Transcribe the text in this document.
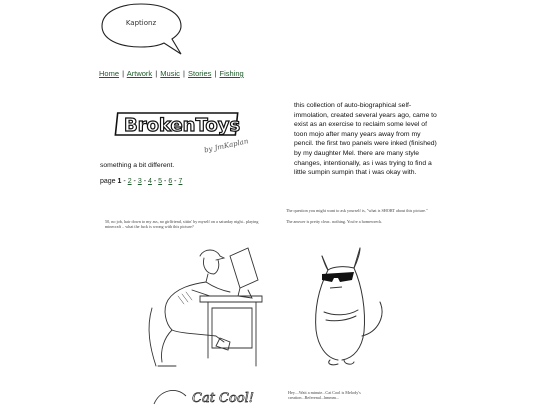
Kaptionz
Home | Artwork | Music | Stories | Fishing
BrokenToys
by JmKaplan
this collection of auto-biographical self-immolation, created several years ago, came to exist as an exercise to reclaim some level of toon mojo after many years away from my pencil. the first two panels were inked (finished) by my daughter Mel. there are many style changes, intentionally, as i was trying to find a little sumpin sumpin that i was okay with.
something a bit different.
page 1 - 2 - 3 - 4 - 5 - 6 - 7
50, no job, hair down to my ass, no girlfriend, sittin' by myself on a saturday night.. playing minecraft .. what the fuck is wrong with this picture?
The question you might want to ask yourself is, "what is SHORT about this picture."
The answer is pretty clear.. nothing. You're a homewreck.
Cat Cool!	Hey....Wait a minute...Cat Cool is Melody's creation...Referenal...hmmm...
